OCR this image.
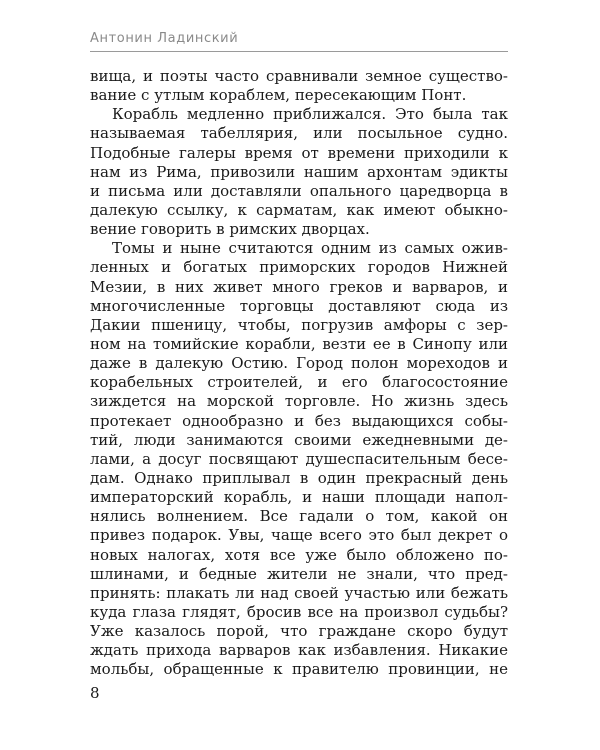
Антонин Ладинский
вища, и поэты часто сравнивали земное существо-
вание с утлым кораблем, пересекающим Понт.
Корабль медленно приближался. Это была так
называемая табеллярия, или посыльное судно.
Подобные галеры время от времени приходили к
нам из Рима, привозили нашим архонтам эдикты
и письма или доставляли опального царедворца в
далекую ссылку, к сарматам, как имеют обыкно-
вение говорить в римских дворцах.
Томы и ныне считаются одним из самых ожив-
ленных и богатых приморских городов Нижней
Мезии, в них живет много греков и варваров, и
многочисленные торговцы доставляют сюда из
Дакии пшеницу, чтобы, погрузив амфоры с зер-
ном на томийские корабли, везти ее в Синопу или
даже в далекую Остию. Город полон мореходов и
корабельных строителей, и его благосостояние
зиждется на морской торговле. Но жизнь здесь
протекает однообразно и без выдающихся собы-
тий, люди занимаются своими ежедневными де-
лами, а досуг посвящают душеспасительным бесе-
дам. Однако приплывал в один прекрасный день
императорский корабль, и наши площади напол-
нялись волнением. Все гадали о том, какой он
привез подарок. Увы, чаще всего это был декрет о
новых налогах, хотя все уже было обложено по-
шлинами, и бедные жители не знали, что пред-
принять: плакать ли над своей участью или бежать
куда глаза глядят, бросив все на произвол судьбы?
Уже казалось порой, что граждане скоро будут
ждать прихода варваров как избавления. Никакие
мольбы, обращенные к правителю провинции, не
8
